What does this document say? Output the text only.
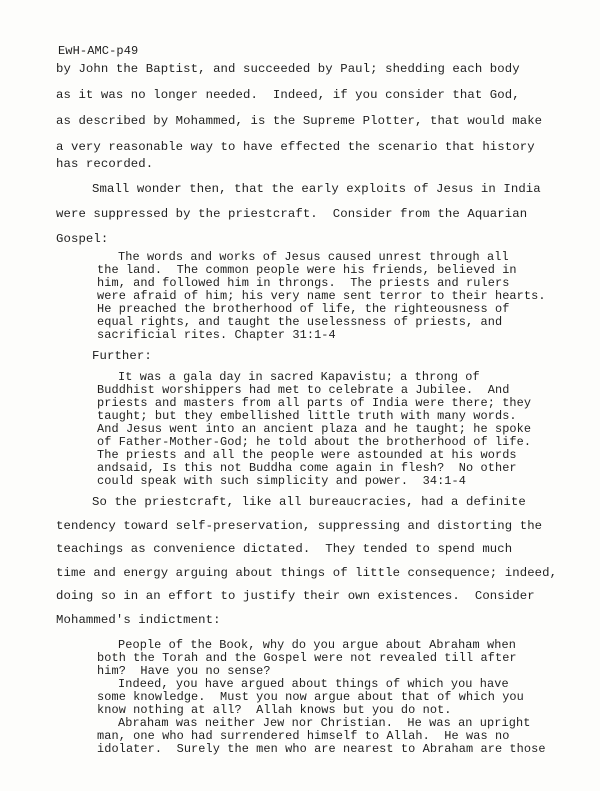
EwH-AMC-p49
by John the Baptist, and succeeded by Paul; shedding each body
as it was no longer needed.  Indeed, if you consider that God,
as described by Mohammed, is the Supreme Plotter, that would make
a very reasonable way to have effected the scenario that history
has recorded.
Small wonder then, that the early exploits of Jesus in India
were suppressed by the priestcraft.  Consider from the Aquarian
Gospel:
The words and works of Jesus caused unrest through all
the land.  The common people were his friends, believed in
him, and followed him in throngs.  The priests and rulers
were afraid of him; his very name sent terror to their hearts.
He preached the brotherhood of life, the righteousness of
equal rights, and taught the uselessness of priests, and
sacrificial rites. Chapter 31:1-4
Further:
It was a gala day in sacred Kapavistu; a throng of
Buddhist worshippers had met to celebrate a Jubilee.  And
priests and masters from all parts of India were there; they
taught; but they embellished little truth with many words.
And Jesus went into an ancient plaza and he taught; he spoke
of Father-Mother-God; he told about the brotherhood of life.
The priests and all the people were astounded at his words
andsaid, Is this not Buddha come again in flesh?  No other
could speak with such simplicity and power.  34:1-4
So the priestcraft, like all bureaucracies, had a definite
tendency toward self-preservation, suppressing and distorting the
teachings as convenience dictated.  They tended to spend much
time and energy arguing about things of little consequence; indeed,
doing so in an effort to justify their own existences.  Consider
Mohammed's indictment:
People of the Book, why do you argue about Abraham when
both the Torah and the Gospel were not revealed till after
him?  Have you no sense?
Indeed, you have argued about things of which you have
some knowledge.  Must you now argue about that of which you
know nothing at all?  Allah knows but you do not.
Abraham was neither Jew nor Christian.  He was an upright
man, one who had surrendered himself to Allah.  He was no
idolater.  Surely the men who are nearest to Abraham are those
